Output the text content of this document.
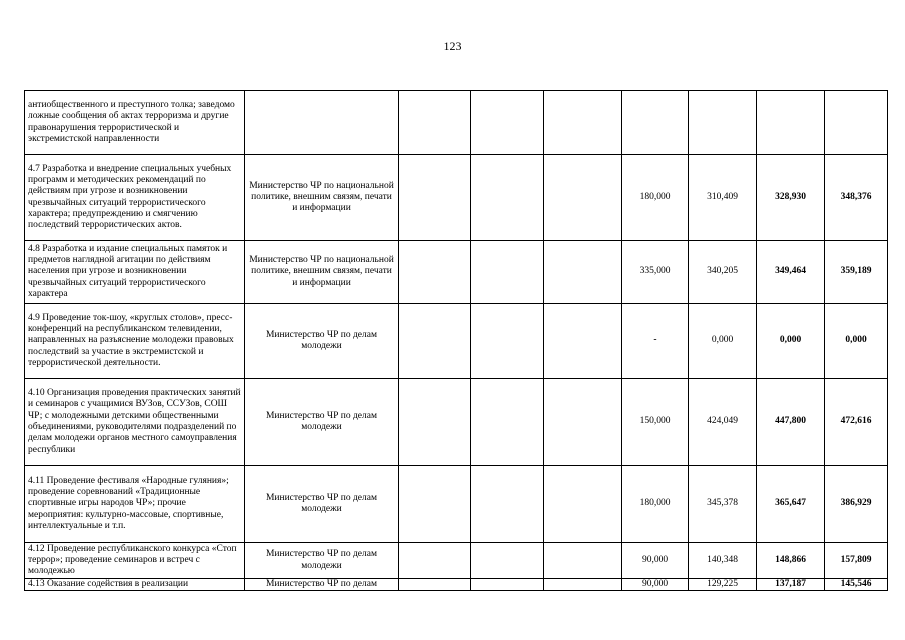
123
антиобщественного и преступного толка; заведомо ложные сообщения об актах терроризма и другие правонарушения террористической и экстремистской направленности								
4.7 Разработка и внедрение специальных учебных программ и методических рекомендаций по действиям при угрозе и возникновении чрезвычайных ситуаций террористического характера; предупреждению и смягчению последствий террористических актов.	Министерство ЧР по национальной политике, внешним связям, печати и информации				180,000	310,409	328,930	348,376
4.8 Разработка и издание специальных памяток и предметов наглядной агитации по действиям населения при угрозе и возникновении чрезвычайных ситуаций террористического характера	Министерство ЧР по национальной политике, внешним связям, печати и информации				335,000	340,205	349,464	359,189
4.9 Проведение ток-шоу, «круглых столов», пресс-конференций на республиканском телевидении, направленных на разъяснение молодежи правовых последствий за участие в экстремистской и террористической деятельности.	Министерство ЧР по делам молодежи				-	0,000	0,000	0,000
4.10 Организация проведения практических занятий и семинаров с учащимися ВУЗов, ССУЗов, СОШ ЧР; с молодежными детскими общественными объединениями, руководителями подразделений по делам молодежи органов местного самоуправления республики	Министерство ЧР по делам молодежи				150,000	424,049	447,800	472,616
4.11 Проведение фестиваля «Народные гуляния»; проведение соревнований «Традиционные спортивные игры народов ЧР»; прочие мероприятия: культурно-массовые, спортивные, интеллектуальные и т.п.	Министерство ЧР по делам молодежи				180,000	345,378	365,647	386,929
4.12 Проведение республиканского конкурса «Стоп террор»; проведение семинаров и встреч с молодежью	Министерство ЧР по делам молодежи				90,000	140,348	148,866	157,809
4.13 Оказание содействия в реализации	Министерство ЧР по делам				90,000	129,225	137,187	145,546
